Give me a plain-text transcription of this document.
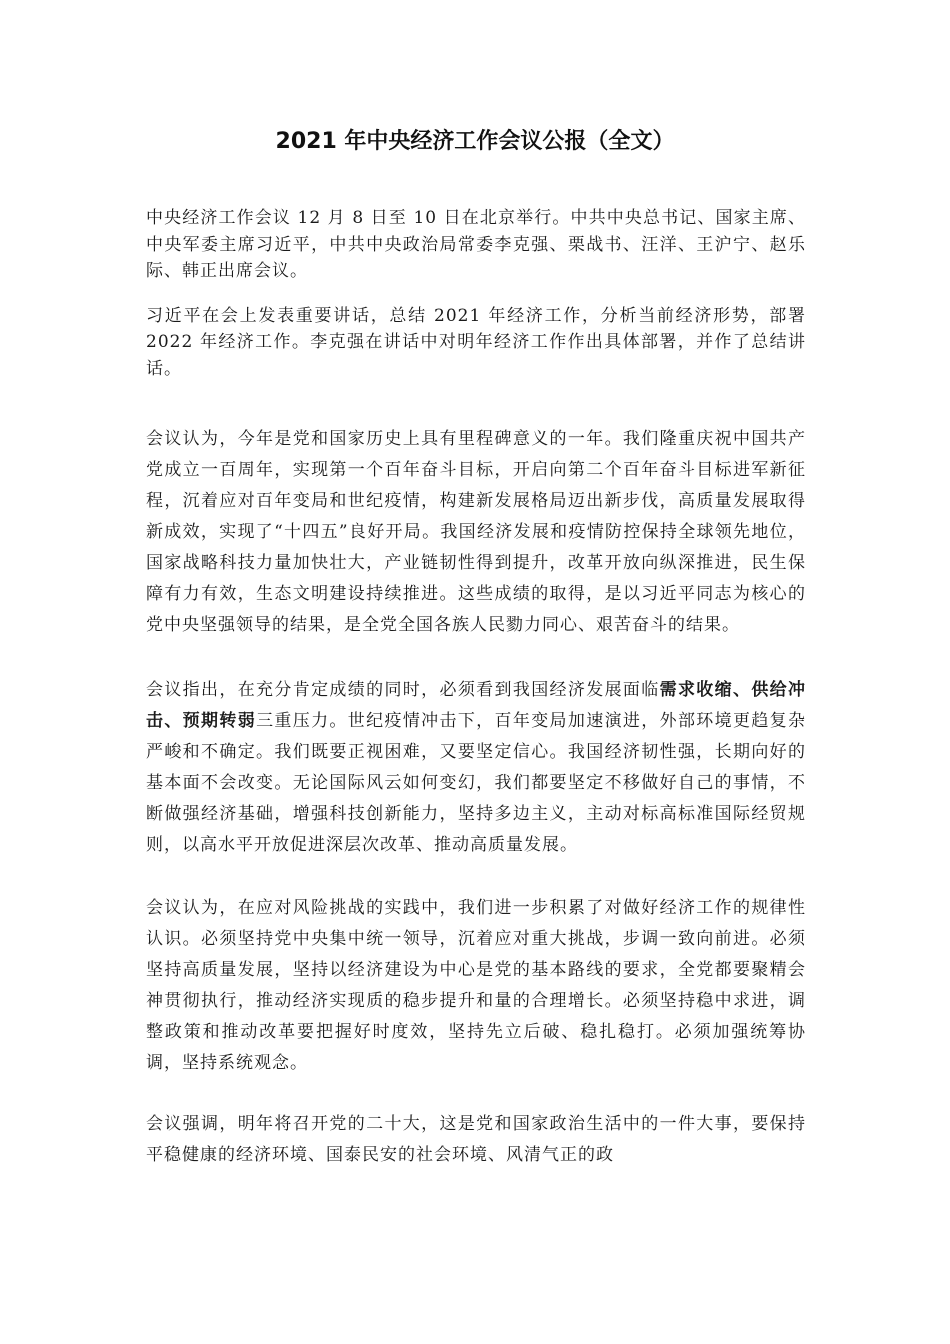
2021 年中央经济工作会议公报（全文）

中央经济工作会议 12 月 8 日至 10 日在北京举行。中共中央总书记、国家主席、中央军委主席习近平，中共中央政治局常委李克强、栗战书、汪洋、王沪宁、赵乐际、韩正出席会议。

习近平在会上发表重要讲话，总结 2021 年经济工作，分析当前经济形势，部署 2022 年经济工作。李克强在讲话中对明年经济工作作出具体部署，并作了总结讲话。

会议认为，今年是党和国家历史上具有里程碑意义的一年。我们隆重庆祝中国共产党成立一百周年，实现第一个百年奋斗目标，开启向第二个百年奋斗目标进军新征程，沉着应对百年变局和世纪疫情，构建新发展格局迈出新步伐，高质量发展取得新成效，实现了“十四五”良好开局。我国经济发展和疫情防控保持全球领先地位，国家战略科技力量加快壮大，产业链韧性得到提升，改革开放向纵深推进，民生保障有力有效，生态文明建设持续推进。这些成绩的取得，是以习近平同志为核心的党中央坚强领导的结果，是全党全国各族人民勠力同心、艰苦奋斗的结果。

会议指出，在充分肯定成绩的同时，必须看到我国经济发展面临需求收缩、供给冲击、预期转弱三重压力。世纪疫情冲击下，百年变局加速演进，外部环境更趋复杂严峻和不确定。我们既要正视困难，又要坚定信心。我国经济韧性强，长期向好的基本面不会改变。无论国际风云如何变幻，我们都要坚定不移做好自己的事情，不断做强经济基础，增强科技创新能力，坚持多边主义，主动对标高标准国际经贸规则，以高水平开放促进深层次改革、推动高质量发展。

会议认为，在应对风险挑战的实践中，我们进一步积累了对做好经济工作的规律性认识。必须坚持党中央集中统一领导，沉着应对重大挑战，步调一致向前进。必须坚持高质量发展，坚持以经济建设为中心是党的基本路线的要求，全党都要聚精会神贯彻执行，推动经济实现质的稳步提升和量的合理增长。必须坚持稳中求进，调整政策和推动改革要把握好时度效，坚持先立后破、稳扎稳打。必须加强统筹协调，坚持系统观念。

会议强调，明年将召开党的二十大，这是党和国家政治生活中的一件大事，要保持平稳健康的经济环境、国泰民安的社会环境、风清气正的政
